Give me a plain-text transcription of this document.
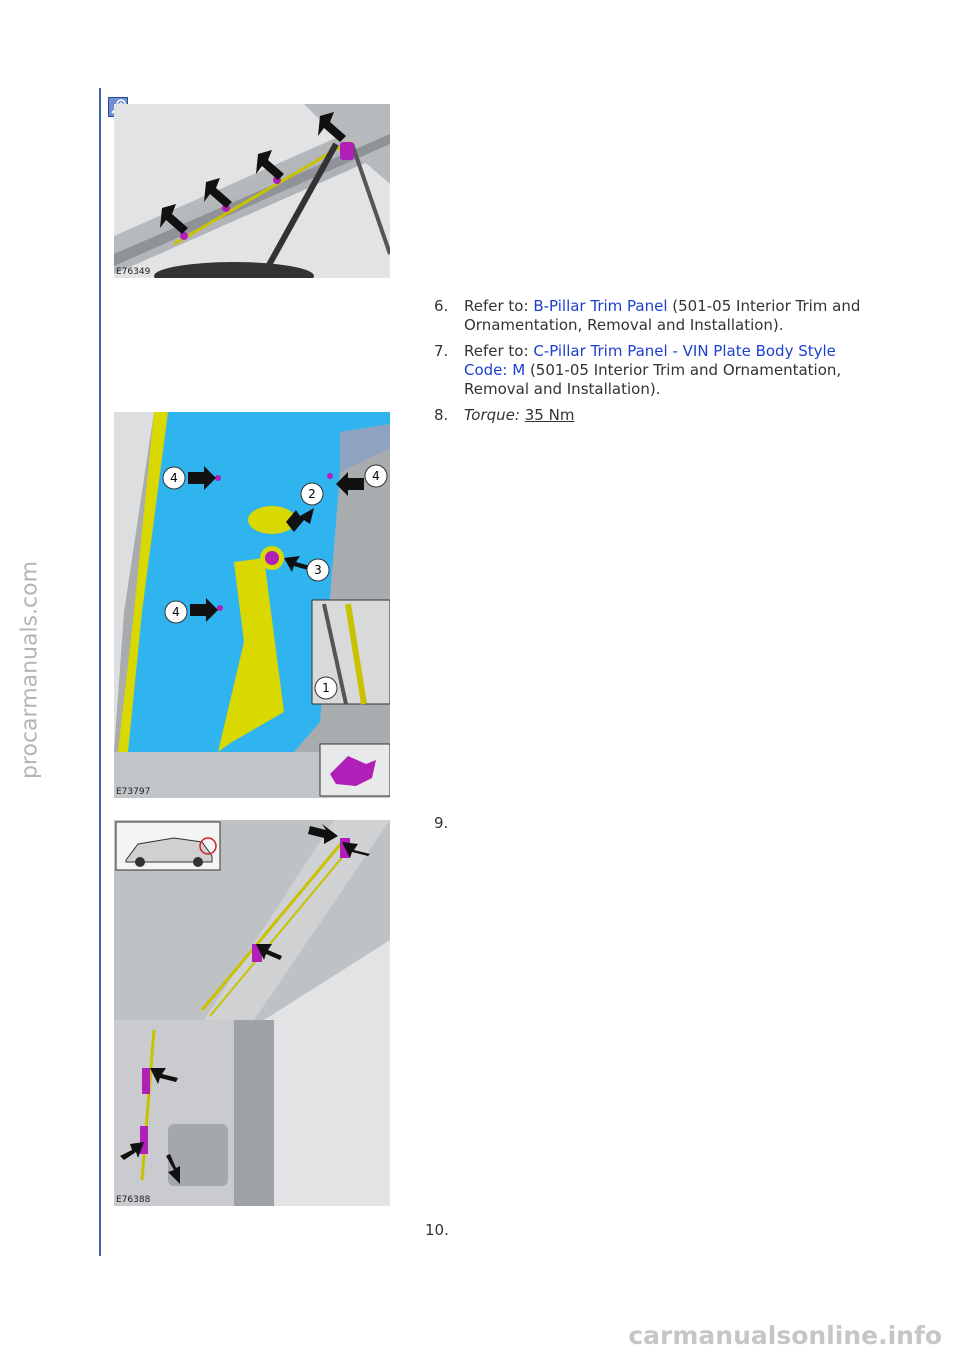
procarmanuals.com
E76349
4	4
4
2
3
1
E73797
E76388
6. Refer to: B-Pillar Trim Panel (501-05 Interior Trim and Ornamentation, Removal and Installation).
7. Refer to: C-Pillar Trim Panel - VIN Plate Body Style Code: M (501-05 Interior Trim and Ornamentation, Removal and Installation).
8. Torque: 35 Nm
9.
10.
carmanualsonline.info
